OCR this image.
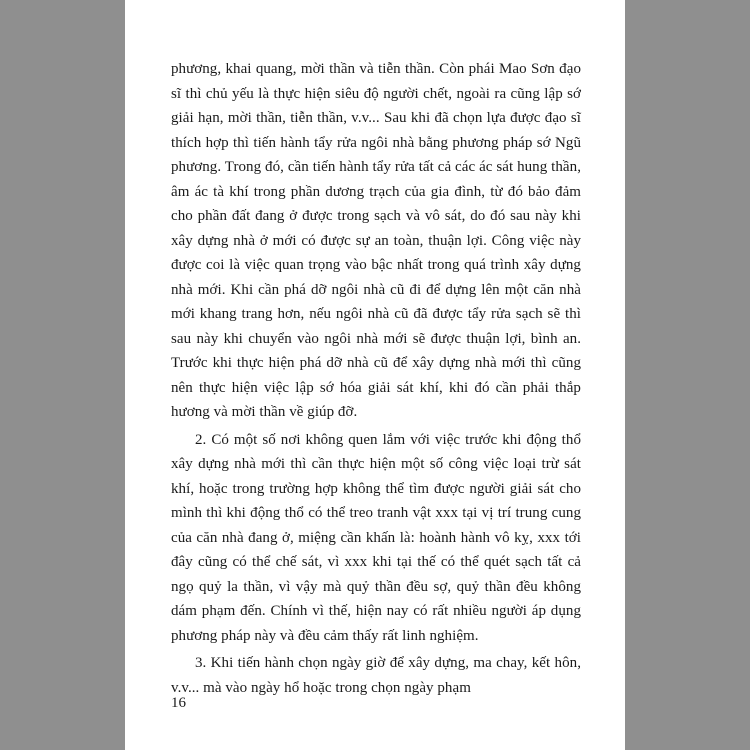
phương, khai quang, mời thần và tiễn thần. Còn phái Mao Sơn đạo sĩ thì chủ yếu là thực hiện siêu độ người chết, ngoài ra cũng lập sớ giải hạn, mời thần, tiễn thần, v.v... Sau khi đã chọn lựa được đạo sĩ thích hợp thì tiến hành tẩy rửa ngôi nhà bằng phương pháp sớ Ngũ phương. Trong đó, cần tiến hành tẩy rửa tất cả các ác sát hung thần, âm ác tà khí trong phần dương trạch của gia đình, từ đó bảo đảm cho phần đất đang ở được trong sạch và vô sát, do đó sau này khi xây dựng nhà ở mới có được sự an toàn, thuận lợi. Công việc này được coi là việc quan trọng vào bậc nhất trong quá trình xây dựng nhà mới. Khi cần phá dỡ ngôi nhà cũ đi để dựng lên một căn nhà mới khang trang hơn, nếu ngôi nhà cũ đã được tẩy rửa sạch sẽ thì sau này khi chuyển vào ngôi nhà mới sẽ được thuận lợi, bình an. Trước khi thực hiện phá dỡ nhà cũ để xây dựng nhà mới thì cũng nên thực hiện việc lập sớ hóa giải sát khí, khi đó cần phải thắp hương và mời thần về giúp đỡ.

2. Có một số nơi không quen lắm với việc trước khi động thổ xây dựng nhà mới thì cần thực hiện một số công việc loại trừ sát khí, hoặc trong trường hợp không thể tìm được người giải sát cho mình thì khi động thổ có thể treo tranh vật xxx tại vị trí trung cung của căn nhà đang ở, miệng cần khấn là: hoành hành vô kỵ, xxx tới đây cũng có thể chế sát, vì xxx khi tại thế có thể quét sạch tất cả ngọ quỷ la thần, vì vậy mà quỷ thần đều sợ, quỷ thần đều không dám phạm đến. Chính vì thế, hiện nay có rất nhiều người áp dụng phương pháp này và đều cảm thấy rất linh nghiệm.

3. Khi tiến hành chọn ngày giờ để xây dựng, ma chay, kết hôn, v.v... mà vào ngày hổ hoặc trong chọn ngày phạm

16
